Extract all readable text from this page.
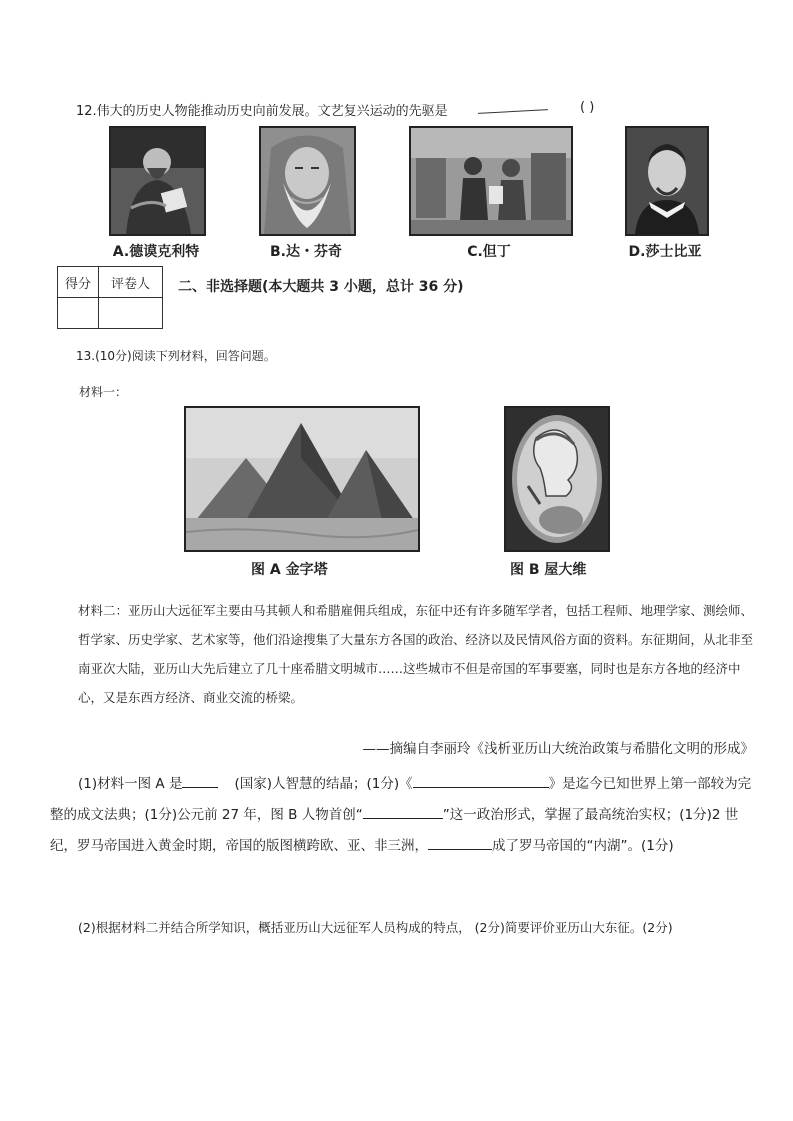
12.伟大的历史人物能推动历史向前发展。文艺复兴运动的先驱是	( )
A.德谟克利特	B.达・芬奇	C.但丁	D.莎士比亚
得分	评卷人
	二、非选择题(本大题共 3 小题，总计 36 分)
13.(10分)阅读下列材料，回答问题。
材料一：
图 A 金字塔	图 B 屋大维
材料二：亚历山大远征军主要由马其顿人和希腊雇佣兵组成，东征中还有许多随军学者，包括工程师、地理学家、测绘师、哲学家、历史学家、艺术家等，他们沿途搜集了大量东方各国的政治、经济以及民情风俗方面的资料。东征期间，从北非至南亚次大陆，亚历山大先后建立了几十座希腊文明城市……这些城市不但是帝国的军事要塞，同时也是东方各地的经济中心，又是东西方经济、商业交流的桥梁。
——摘编自李丽玲《浅析亚历山大统治政策与希腊化文明的形成》
(1)材料一图 A 是	(国家)人智慧的结晶；(1分)《	》是迄今已知世界上第一部较为完整的成文法典；(1分)公元前 27 年，图 B 人物首创“	”这一政治形式，掌握了最高统治实权；(1分)2 世纪，罗马帝国进入黄金时期，帝国的版图横跨欧、亚、非三洲，	成了罗马帝国的“内湖”。(1分)
(2)根据材料二并结合所学知识，概括亚历山大远征军人员构成的特点， (2分)简要评价亚历山大东征。(2分)
